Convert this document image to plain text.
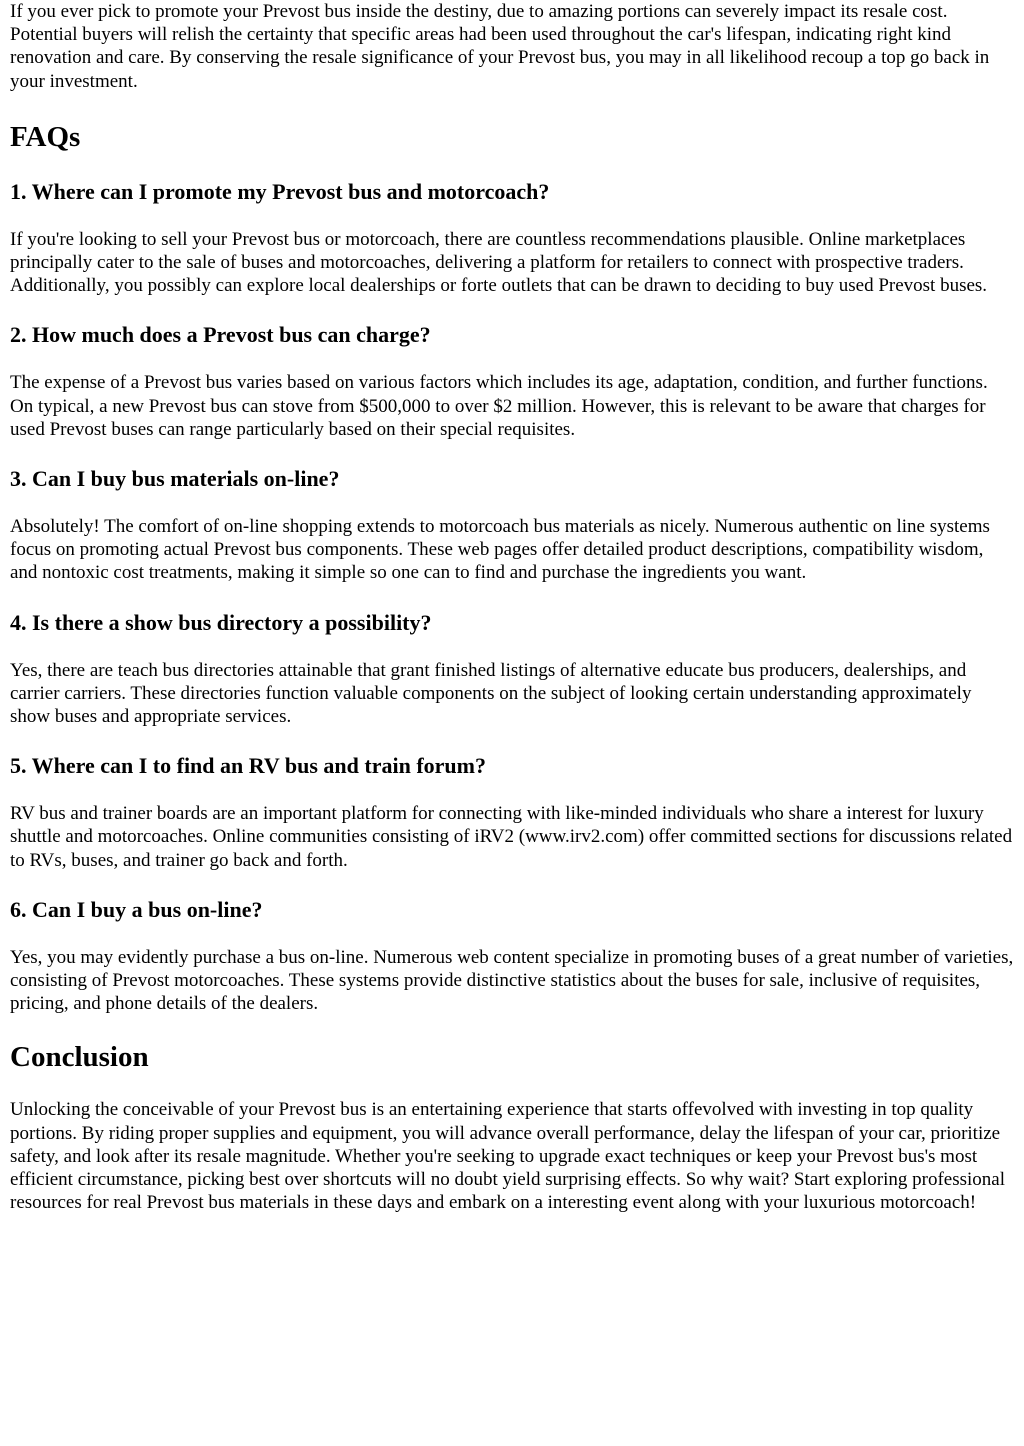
If you ever pick to promote your Prevost bus inside the destiny, due to amazing portions can severely impact its resale cost. Potential buyers will relish the certainty that specific areas had been used throughout the car's lifespan, indicating right kind renovation and care. By conserving the resale significance of your Prevost bus, you may in all likelihood recoup a top go back in your investment.

FAQs
1. Where can I promote my Prevost bus and motorcoach?

If you're looking to sell your Prevost bus or motorcoach, there are countless recommendations plausible. Online marketplaces principally cater to the sale of buses and motorcoaches, delivering a platform for retailers to connect with prospective traders. Additionally, you possibly can explore local dealerships or forte outlets that can be drawn to deciding to buy used Prevost buses.

2. How much does a Prevost bus can charge?

The expense of a Prevost bus varies based on various factors which includes its age, adaptation, condition, and further functions. On typical, a new Prevost bus can stove from $500,000 to over $2 million. However, this is relevant to be aware that charges for used Prevost buses can range particularly based on their special requisites.

3. Can I buy bus materials on-line?

Absolutely! The comfort of on-line shopping extends to motorcoach bus materials as nicely. Numerous authentic on line systems focus on promoting actual Prevost bus components. These web pages offer detailed product descriptions, compatibility wisdom, and nontoxic cost treatments, making it simple so one can to find and purchase the ingredients you want.

4. Is there a show bus directory a possibility?

Yes, there are teach bus directories attainable that grant finished listings of alternative educate bus producers, dealerships, and carrier carriers. These directories function valuable components on the subject of looking certain understanding approximately show buses and appropriate services.

5. Where can I to find an RV bus and train forum?

RV bus and trainer boards are an important platform for connecting with like-minded individuals who share a interest for luxury shuttle and motorcoaches. Online communities consisting of iRV2 (www.irv2.com) offer committed sections for discussions related to RVs, buses, and trainer go back and forth.

6. Can I buy a bus on-line?

Yes, you may evidently purchase a bus on-line. Numerous web content specialize in promoting buses of a great number of varieties, consisting of Prevost motorcoaches. These systems provide distinctive statistics about the buses for sale, inclusive of requisites, pricing, and phone details of the dealers.

Conclusion

Unlocking the conceivable of your Prevost bus is an entertaining experience that starts offevolved with investing in top quality portions. By riding proper supplies and equipment, you will advance overall performance, delay the lifespan of your car, prioritize safety, and look after its resale magnitude. Whether you're seeking to upgrade exact techniques or keep your Prevost bus's most efficient circumstance, picking best over shortcuts will no doubt yield surprising effects. So why wait? Start exploring professional resources for real Prevost bus materials in these days and embark on a interesting event along with your luxurious motorcoach!
